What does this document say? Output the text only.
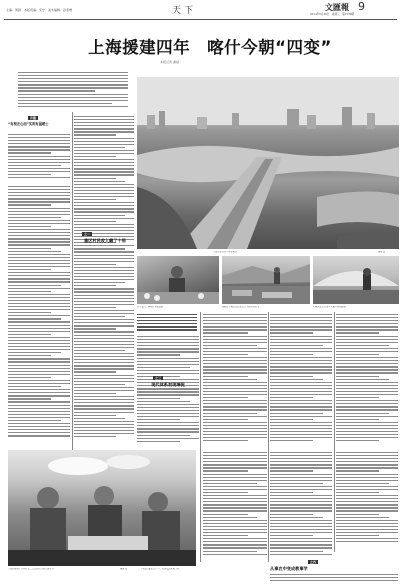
主编：周颖　本版责编：宋宁　美术编辑：孙泰增	天下	文匯報 9
2014年5月28日　星期三　第2738期
上海援建四年　喀什今朝“四变”
本报记者 谢斌
上海援建的莎车县新城区	谢斌 摄
开篇
“有根无心而”实则有温暖士
之一
塞区村民收入翻了十倍
莎车农民：棉花打开致富路	新疆莎车县巴楚镇农民在丰收的喜悦里	叶城县农民在温室大棚里种植蔬菜
之三
现代体系初现端倪
上海援疆医生在喀什第二人民医院为病人做手术	谢斌 摄	《本报特派记者》…　特别报道见电子版
之四
从事农中变成教事学
